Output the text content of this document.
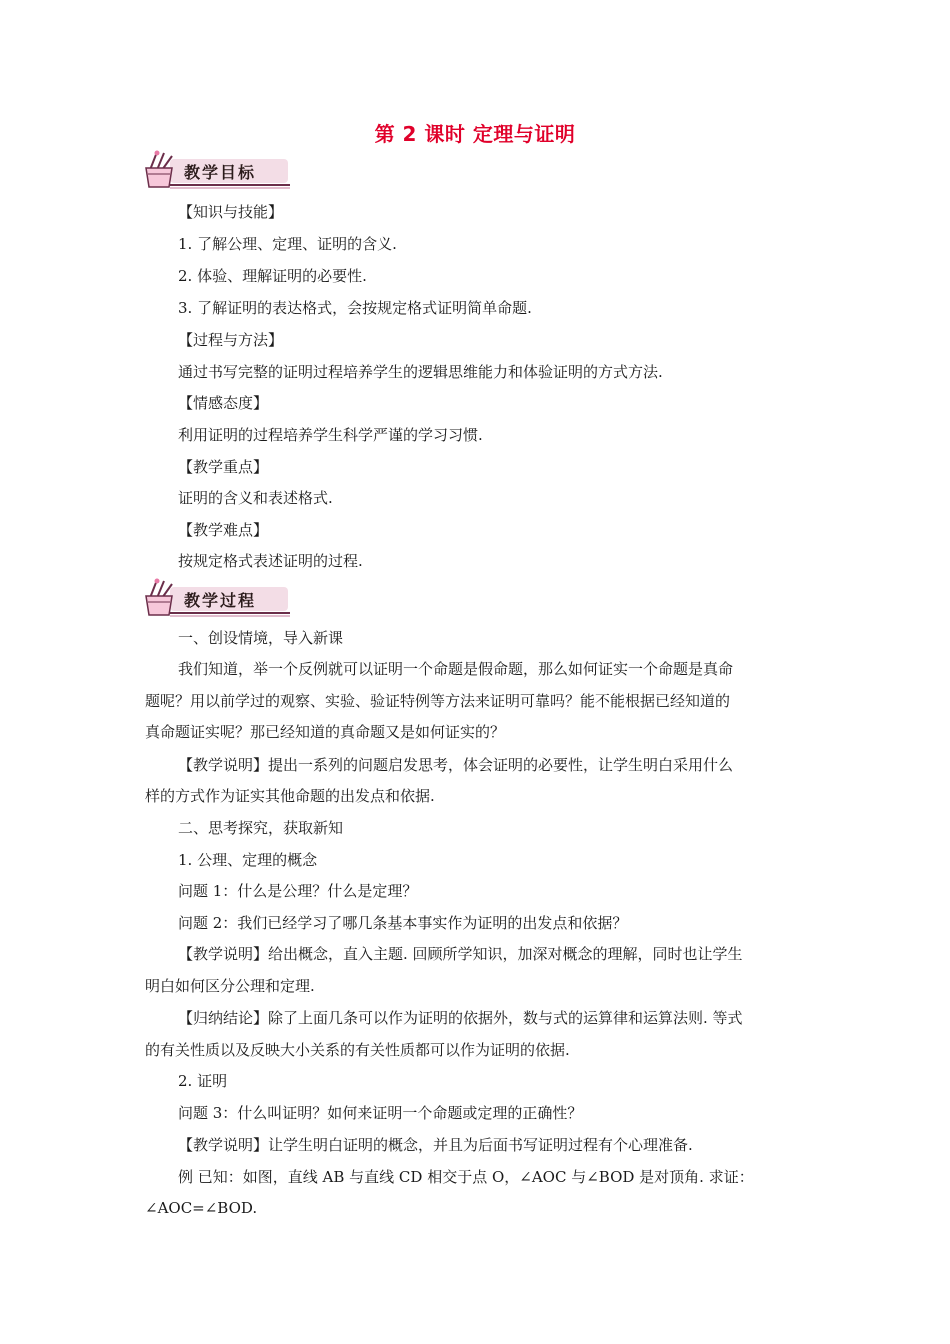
第 2 课时 定理与证明
教学目标
【知识与技能】
1. 了解公理、定理、证明的含义.
2. 体验、理解证明的必要性.
3. 了解证明的表达格式，会按规定格式证明简单命题.
【过程与方法】
通过书写完整的证明过程培养学生的逻辑思维能力和体验证明的方式方法.
【情感态度】
利用证明的过程培养学生科学严谨的学习习惯.
【教学重点】
证明的含义和表述格式.
【教学难点】
按规定格式表述证明的过程.
教学过程
一、创设情境，导入新课
我们知道，举一个反例就可以证明一个命题是假命题，那么如何证实一个命题是真命
题呢？用以前学过的观察、实验、验证特例等方法来证明可靠吗？能不能根据已经知道的
真命题证实呢？那已经知道的真命题又是如何证实的？
【教学说明】提出一系列的问题启发思考，体会证明的必要性，让学生明白采用什么
样的方式作为证实其他命题的出发点和依据.
二、思考探究，获取新知
1. 公理、定理的概念
问题 1：什么是公理？什么是定理？
问题 2：我们已经学习了哪几条基本事实作为证明的出发点和依据？
【教学说明】给出概念，直入主题. 回顾所学知识，加深对概念的理解，同时也让学生
明白如何区分公理和定理.
【归纳结论】除了上面几条可以作为证明的依据外，数与式的运算律和运算法则. 等式
的有关性质以及反映大小关系的有关性质都可以作为证明的依据.
2. 证明
问题 3：什么叫证明？如何来证明一个命题或定理的正确性？
【教学说明】让学生明白证明的概念，并且为后面书写证明过程有个心理准备.
例 已知：如图，直线 AB 与直线 CD 相交于点 O，∠AOC 与∠BOD 是对顶角. 求证：
∠AOC=∠BOD.
